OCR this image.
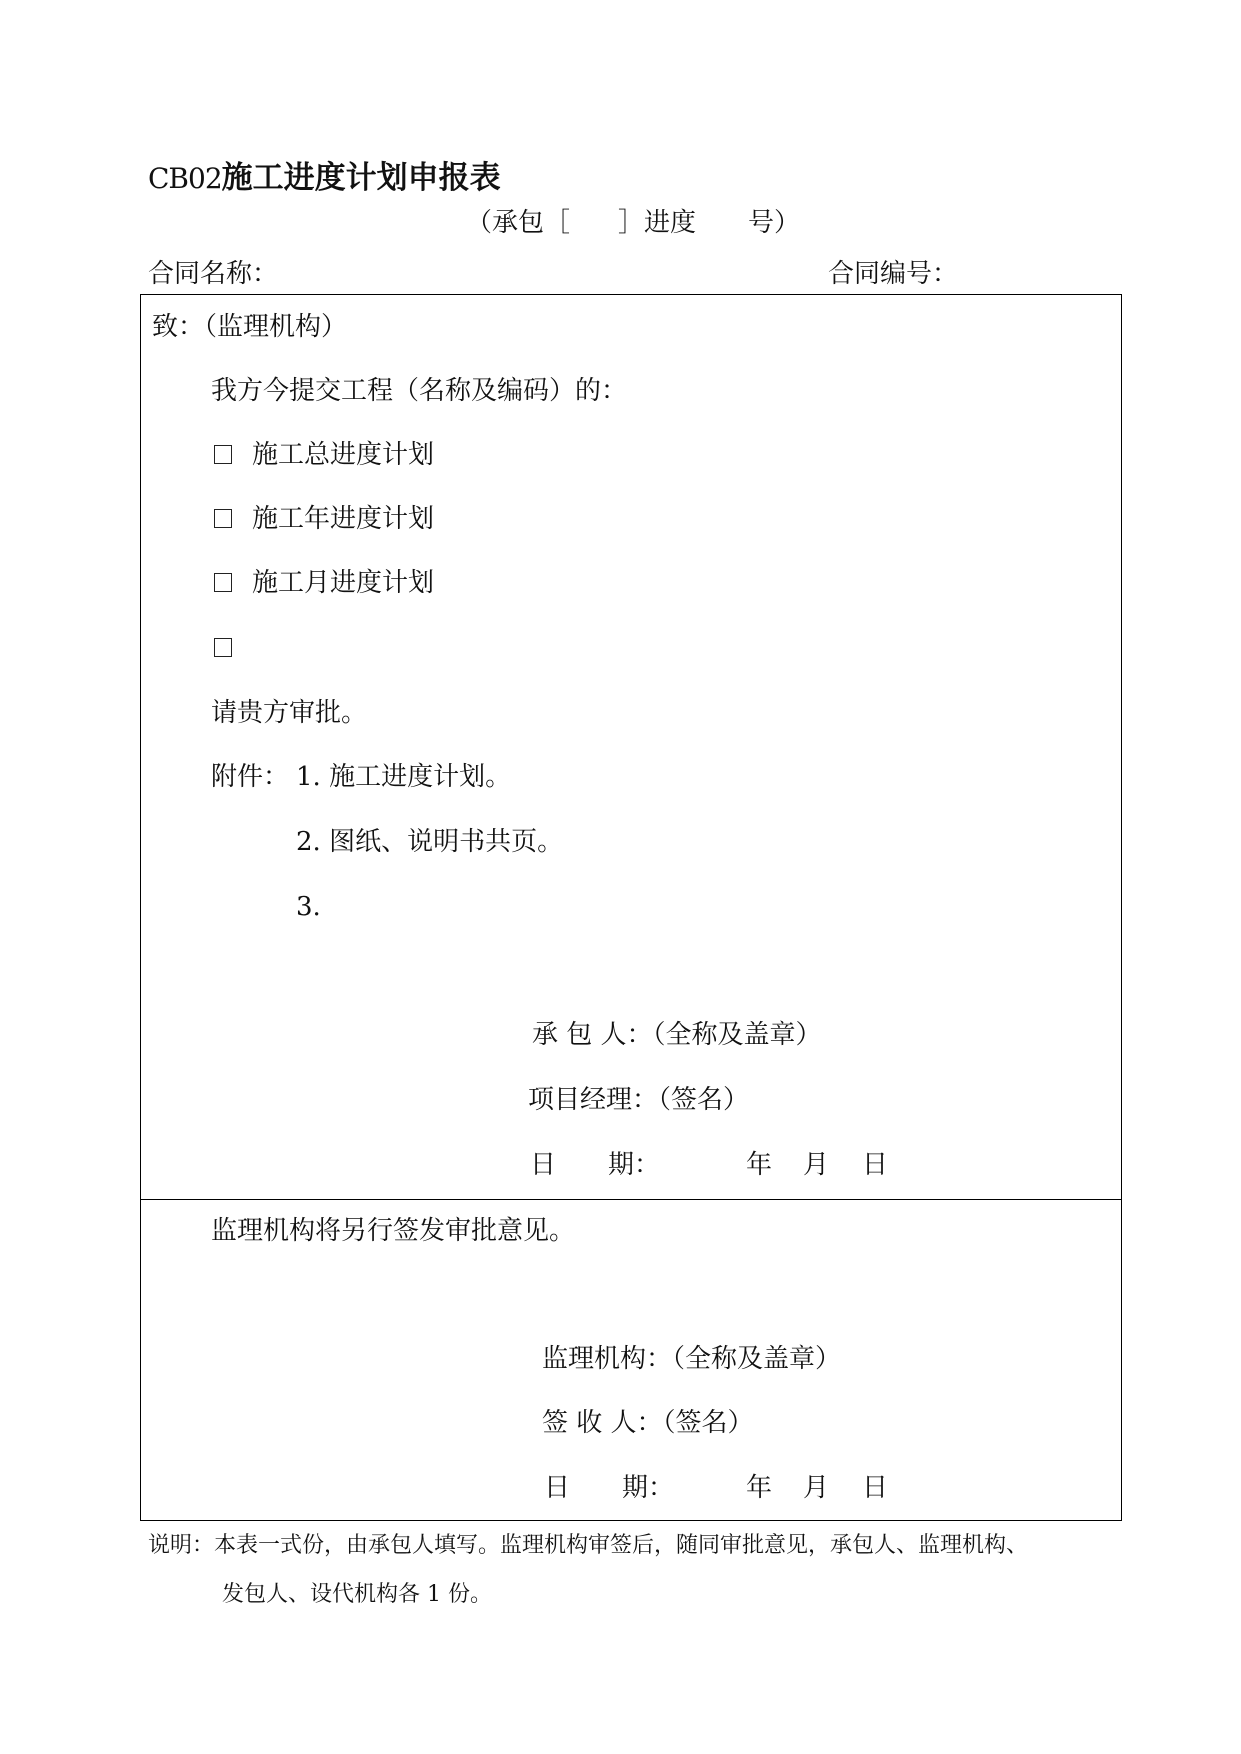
CB02施工进度计划申报表
（承包［ ］进度 号）
合同名称：	合同编号：
致：（监理机构）
我方今提交工程（名称及编码）的：
施工总进度计划
施工年进度计划
施工月进度计划
请贵方审批。
附件： 1. 施工进度计划。
2. 图纸、说明书共页。
3.
承 包 人：（全称及盖章）
项目经理：（签名）
日　　期：	年 月 日
监理机构将另行签发审批意见。
监理机构：（全称及盖章）
签 收 人：（签名）
日　　期：	年 月 日
说明：本表一式份，由承包人填写。监理机构审签后，随同审批意见，承包人、监理机构、
发包人、设代机构各 1 份。
